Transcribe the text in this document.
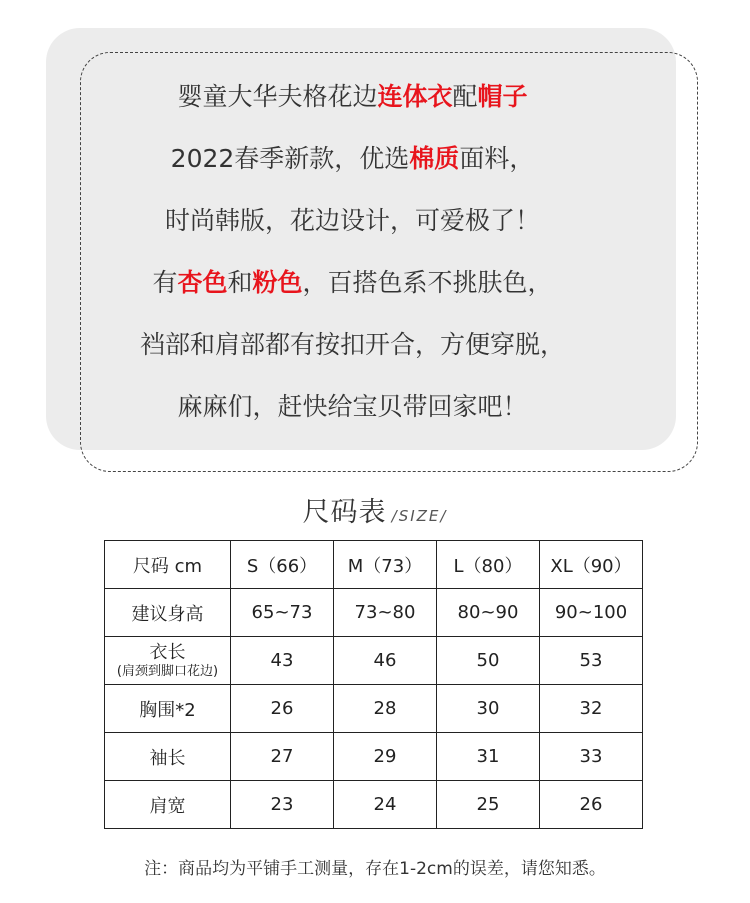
婴童大华夫格花边连体衣配帽子
2022春季新款，优选棉质面料，
时尚韩版，花边设计，可爱极了！
有杏色和粉色，百搭色系不挑肤色，
裆部和肩部都有按扣开合，方便穿脱，
麻麻们，赶快给宝贝带回家吧！
尺码表 /SIZE/
尺码 cm	S（66）	M（73）	L（80）	XL（90）
建议身高	65~73	73~80	80~90	90~100

衣长
(肩颈到脚口花边)	43	46	50	53
胸围*2	26	28	30	32
袖长	27	29	31	33
肩宽	23	24	25	26
注：商品均为平铺手工测量，存在1-2cm的误差，请您知悉。
